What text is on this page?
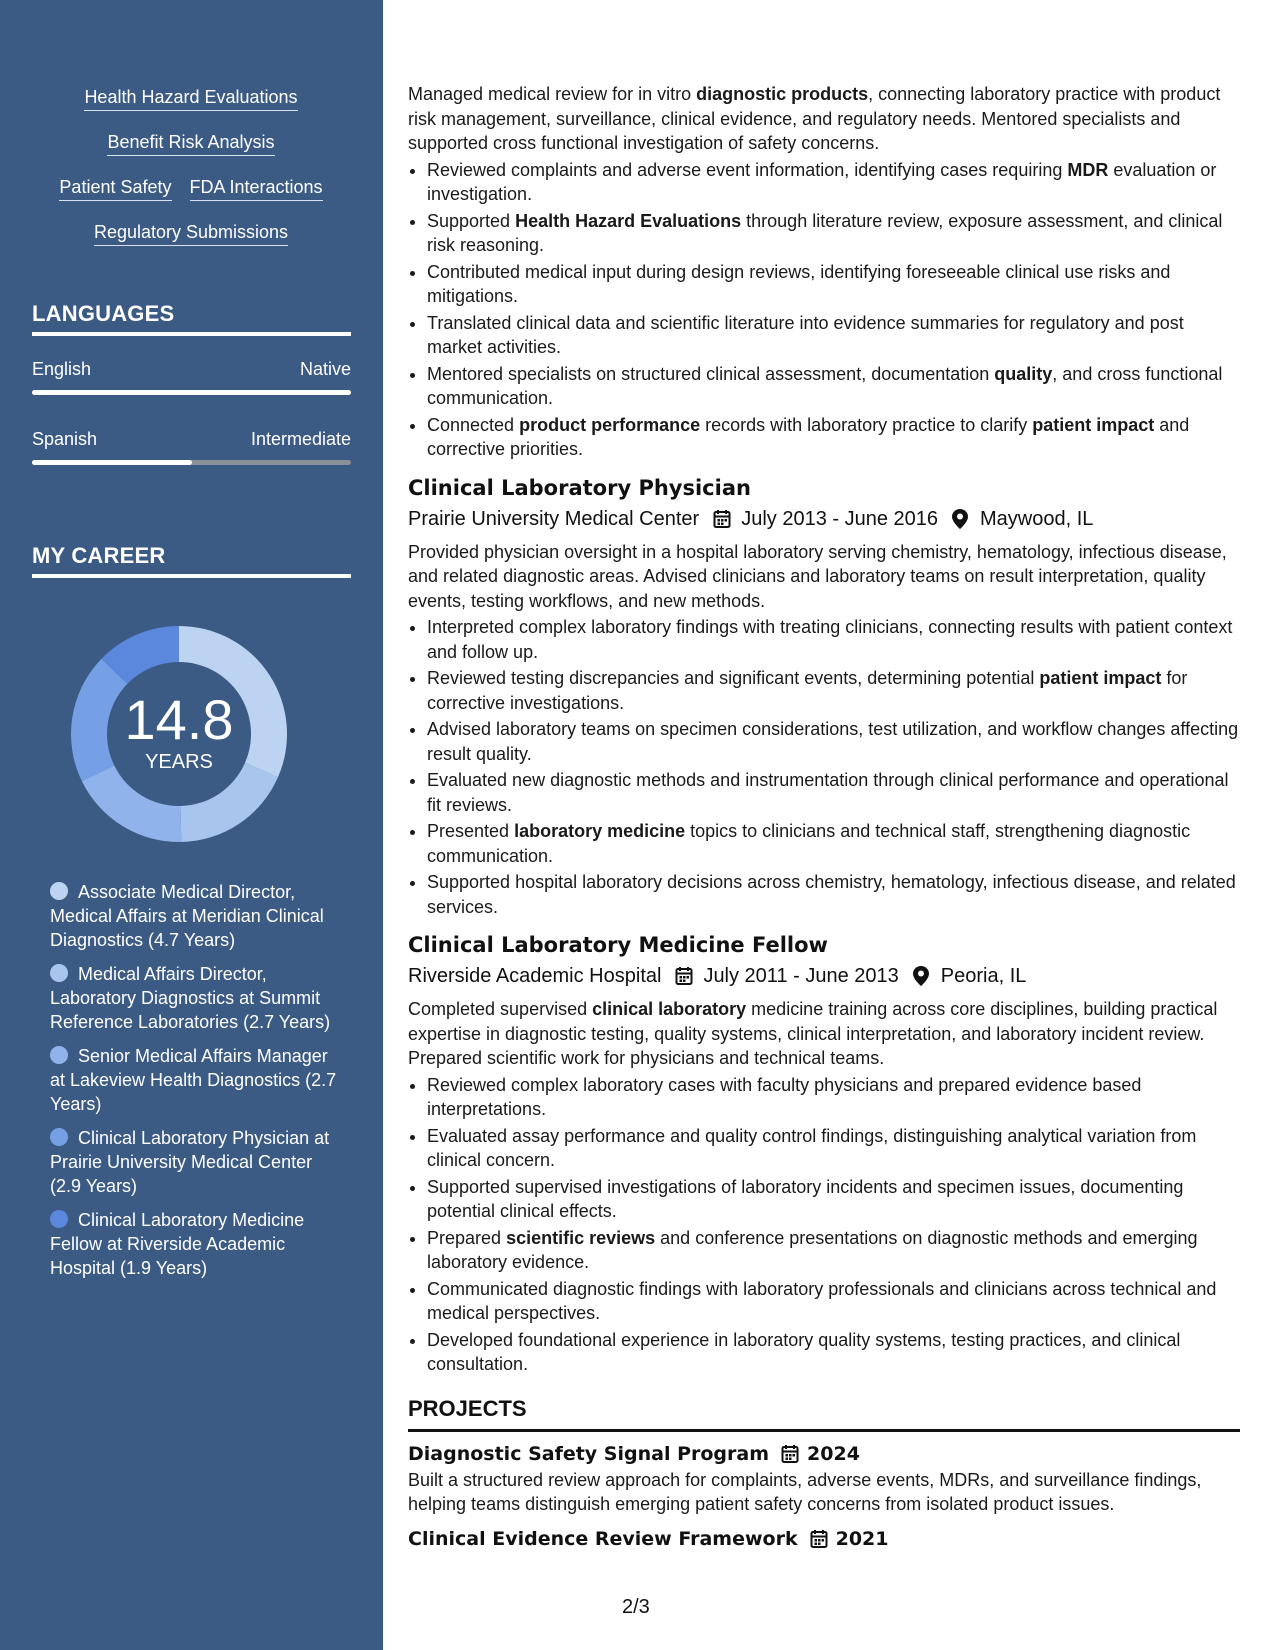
Health Hazard Evaluations
Benefit Risk Analysis
Patient Safety FDA Interactions
Regulatory Submissions
LANGUAGES
English	Native
Spanish	Intermediate
MY CAREER
14.8
YEARS
Associate Medical Director, Medical Affairs at Meridian Clinical Diagnostics (4.7 Years)
Medical Affairs Director, Laboratory Diagnostics at Summit Reference Laboratories (2.7 Years)
Senior Medical Affairs Manager at Lakeview Health Diagnostics (2.7 Years)
Clinical Laboratory Physician at Prairie University Medical Center (2.9 Years)
Clinical Laboratory Medicine Fellow at Riverside Academic Hospital (1.9 Years)

Managed medical review for in vitro diagnostic products, connecting laboratory practice with product risk management, surveillance, clinical evidence, and regulatory needs. Mentored specialists and supported cross functional investigation of safety concerns.

• Reviewed complaints and adverse event information, identifying cases requiring MDR evaluation or investigation.
• Supported Health Hazard Evaluations through literature review, exposure assessment, and clinical risk reasoning.
• Contributed medical input during design reviews, identifying foreseeable clinical use risks and mitigations.
• Translated clinical data and scientific literature into evidence summaries for regulatory and post market activities.
• Mentored specialists on structured clinical assessment, documentation quality, and cross functional communication.
• Connected product performance records with laboratory practice to clarify patient impact and corrective priorities.
Clinical Laboratory Physician
Prairie University Medical Center July 2013 - June 2016 Maywood, IL

Provided physician oversight in a hospital laboratory serving chemistry, hematology, infectious disease, and related diagnostic areas. Advised clinicians and laboratory teams on result interpretation, quality events, testing workflows, and new methods.

• Interpreted complex laboratory findings with treating clinicians, connecting results with patient context and follow up.
• Reviewed testing discrepancies and significant events, determining potential patient impact for corrective investigations.
• Advised laboratory teams on specimen considerations, test utilization, and workflow changes affecting result quality.
• Evaluated new diagnostic methods and instrumentation through clinical performance and operational fit reviews.
• Presented laboratory medicine topics to clinicians and technical staff, strengthening diagnostic communication.
• Supported hospital laboratory decisions across chemistry, hematology, infectious disease, and related services.
Clinical Laboratory Medicine Fellow
Riverside Academic Hospital July 2011 - June 2013 Peoria, IL

Completed supervised clinical laboratory medicine training across core disciplines, building practical expertise in diagnostic testing, quality systems, clinical interpretation, and laboratory incident review. Prepared scientific work for physicians and technical teams.

• Reviewed complex laboratory cases with faculty physicians and prepared evidence based interpretations.
• Evaluated assay performance and quality control findings, distinguishing analytical variation from clinical concern.
• Supported supervised investigations of laboratory incidents and specimen issues, documenting potential clinical effects.
• Prepared scientific reviews and conference presentations on diagnostic methods and emerging laboratory evidence.
• Communicated diagnostic findings with laboratory professionals and clinicians across technical and medical perspectives.
• Developed foundational experience in laboratory quality systems, testing practices, and clinical consultation.
PROJECTS
Diagnostic Safety Signal Program 2024

Built a structured review approach for complaints, adverse events, MDRs, and surveillance findings, helping teams distinguish emerging patient safety concerns from isolated product issues.

Clinical Evidence Review Framework 2021
2/3
